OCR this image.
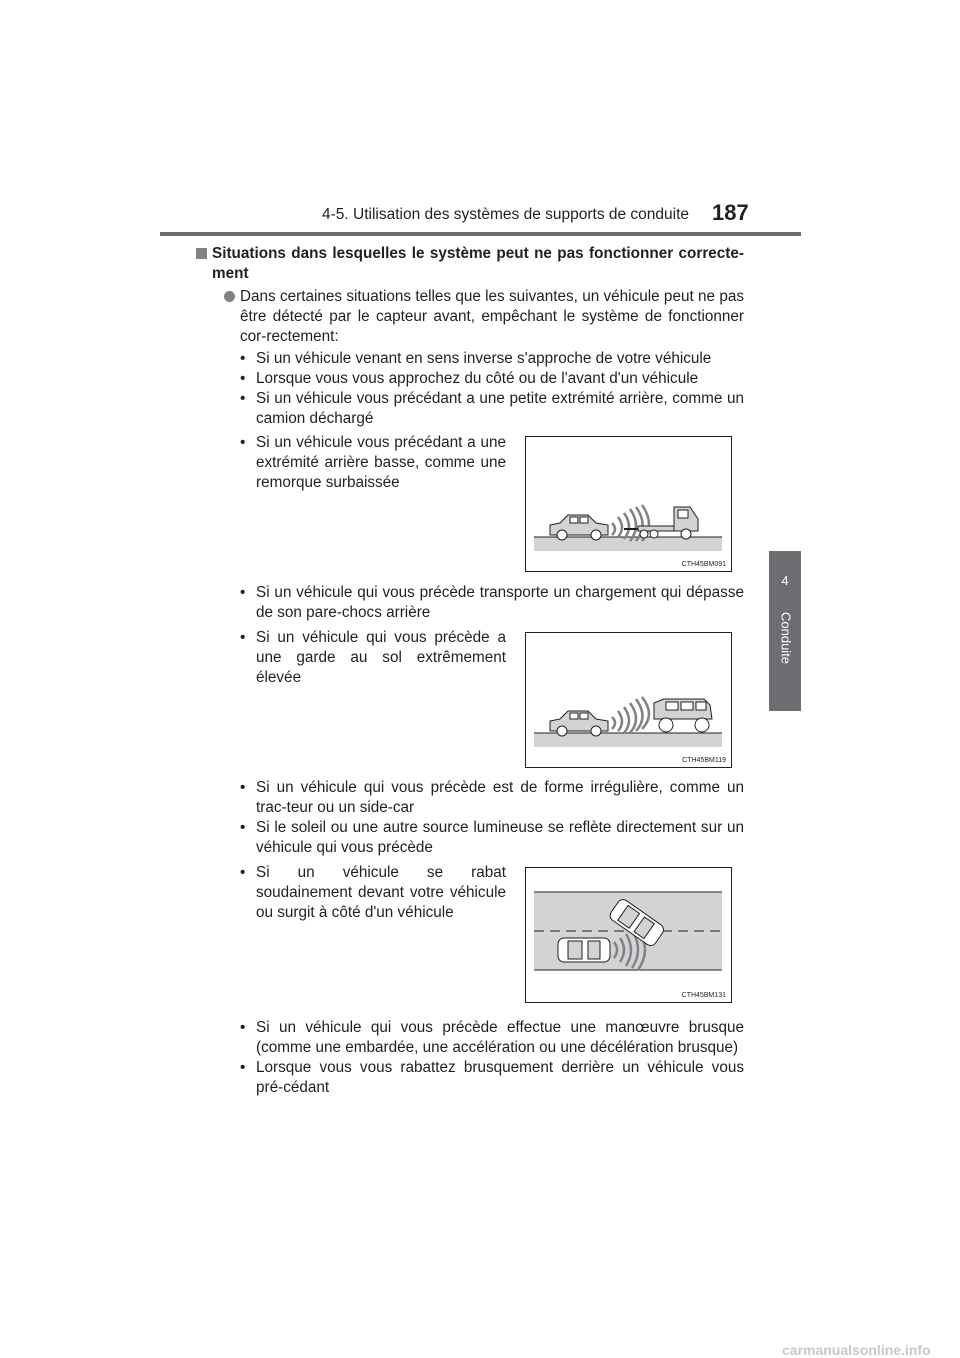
4-5. Utilisation des systèmes de supports de conduite 187
4
Conduite
Situations dans lesquelles le système peut ne pas fonctionner correcte-ment
Dans certaines situations telles que les suivantes, un véhicule peut ne pas être détecté par le capteur avant, empêchant le système de fonctionner cor-rectement:
• Si un véhicule venant en sens inverse s'approche de votre véhicule
• Lorsque vous vous approchez du côté ou de l'avant d'un véhicule
• Si un véhicule vous précédant a une petite extrémité arrière, comme un camion déchargé
• Si un véhicule vous précédant a une extrémité arrière basse, comme une remorque surbaissée
CTH45BM091
• Si un véhicule qui vous précède transporte un chargement qui dépasse de son pare-chocs arrière
• Si un véhicule qui vous précède a une garde au sol extrêmement élevée
CTH45BM119
• Si un véhicule qui vous précède est de forme irrégulière, comme un trac-teur ou un side-car
• Si le soleil ou une autre source lumineuse se reflète directement sur un véhicule qui vous précède
• Si un véhicule se rabat soudainement devant votre véhicule ou surgit à côté d'un véhicule
CTH45BM131
• Si un véhicule qui vous précède effectue une manœuvre brusque (comme une embardée, une accélération ou une décélération brusque)
• Lorsque vous vous rabattez brusquement derrière un véhicule vous pré-cédant
carmanualsonline.info
